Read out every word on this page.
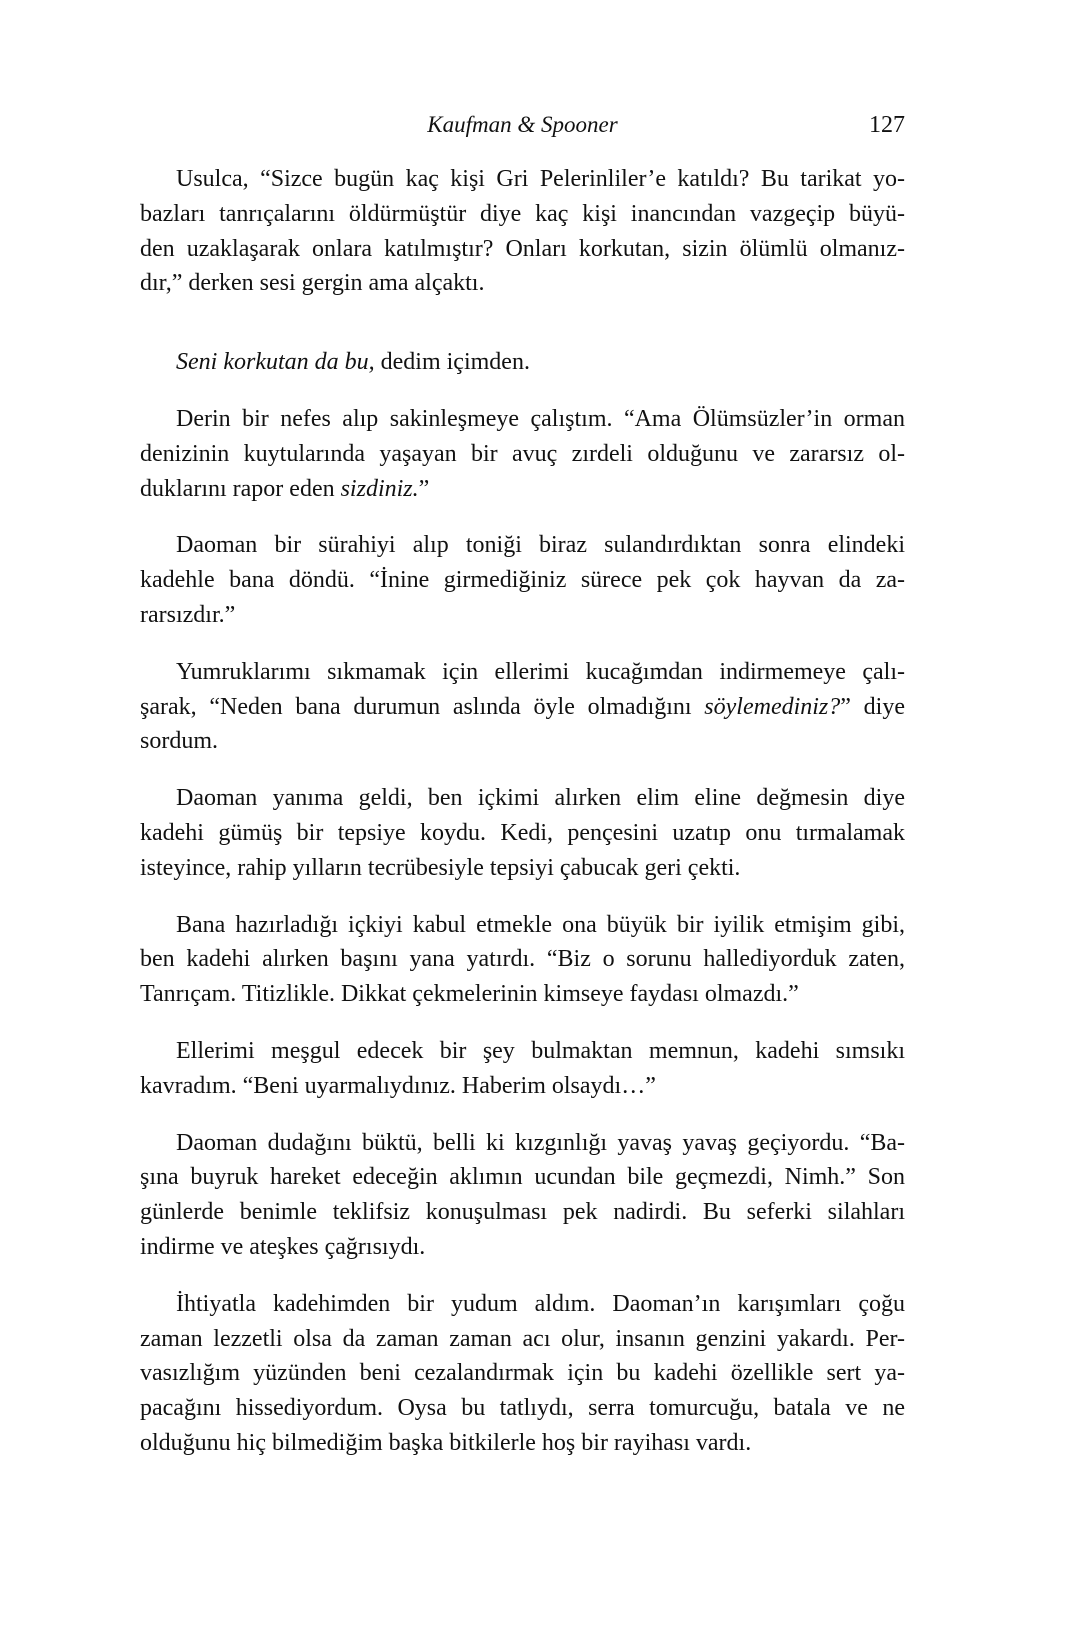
Kaufman & Spooner	127
Usulca, “Sizce bugün kaç kişi Gri Pelerinliler’e katıldı? Bu tarikat yo-
bazları tanrıçalarını öldürmüştür diye kaç kişi inancından vazgeçip büyü-
den uzaklaşarak onlara katılmıştır? Onları korkutan, sizin ölümlü olmanız-
dır,” derken sesi gergin ama alçaktı.
Seni korkutan da bu, dedim içimden.
Derin bir nefes alıp sakinleşmeye çalıştım. “Ama Ölümsüzler’in orman
denizinin kuytularında yaşayan bir avuç zırdeli olduğunu ve zararsız ol-
duklarını rapor eden sizdiniz.”
Daoman bir sürahiyi alıp toniği biraz sulandırdıktan sonra elindeki
kadehle bana döndü. “İnine girmediğiniz sürece pek çok hayvan da za-
rarsızdır.”
Yumruklarımı sıkmamak için ellerimi kucağımdan indirmemeye çalı-
şarak, “Neden bana durumun aslında öyle olmadığını söylemediniz?” diye
sordum.
Daoman yanıma geldi, ben içkimi alırken elim eline değmesin diye
kadehi gümüş bir tepsiye koydu. Kedi, pençesini uzatıp onu tırmalamak
isteyince, rahip yılların tecrübesiyle tepsiyi çabucak geri çekti.
Bana hazırladığı içkiyi kabul etmekle ona büyük bir iyilik etmişim gibi,
ben kadehi alırken başını yana yatırdı. “Biz o sorunu hallediyorduk zaten,
Tanrıçam. Titizlikle. Dikkat çekmelerinin kimseye faydası olmazdı.”
Ellerimi meşgul edecek bir şey bulmaktan memnun, kadehi sımsıkı
kavradım. “Beni uyarmalıydınız. Haberim olsaydı…”
Daoman dudağını büktü, belli ki kızgınlığı yavaş yavaş geçiyordu. “Ba-
şına buyruk hareket edeceğin aklımın ucundan bile geçmezdi, Nimh.” Son
günlerde benimle teklifsiz konuşulması pek nadirdi. Bu seferki silahları
indirme ve ateşkes çağrısıydı.
İhtiyatla kadehimden bir yudum aldım. Daoman’ın karışımları çoğu
zaman lezzetli olsa da zaman zaman acı olur, insanın genzini yakardı. Per-
vasızlığım yüzünden beni cezalandırmak için bu kadehi özellikle sert ya-
pacağını hissediyordum. Oysa bu tatlıydı, serra tomurcuğu, batala ve ne
olduğunu hiç bilmediğim başka bitkilerle hoş bir rayihası vardı.
